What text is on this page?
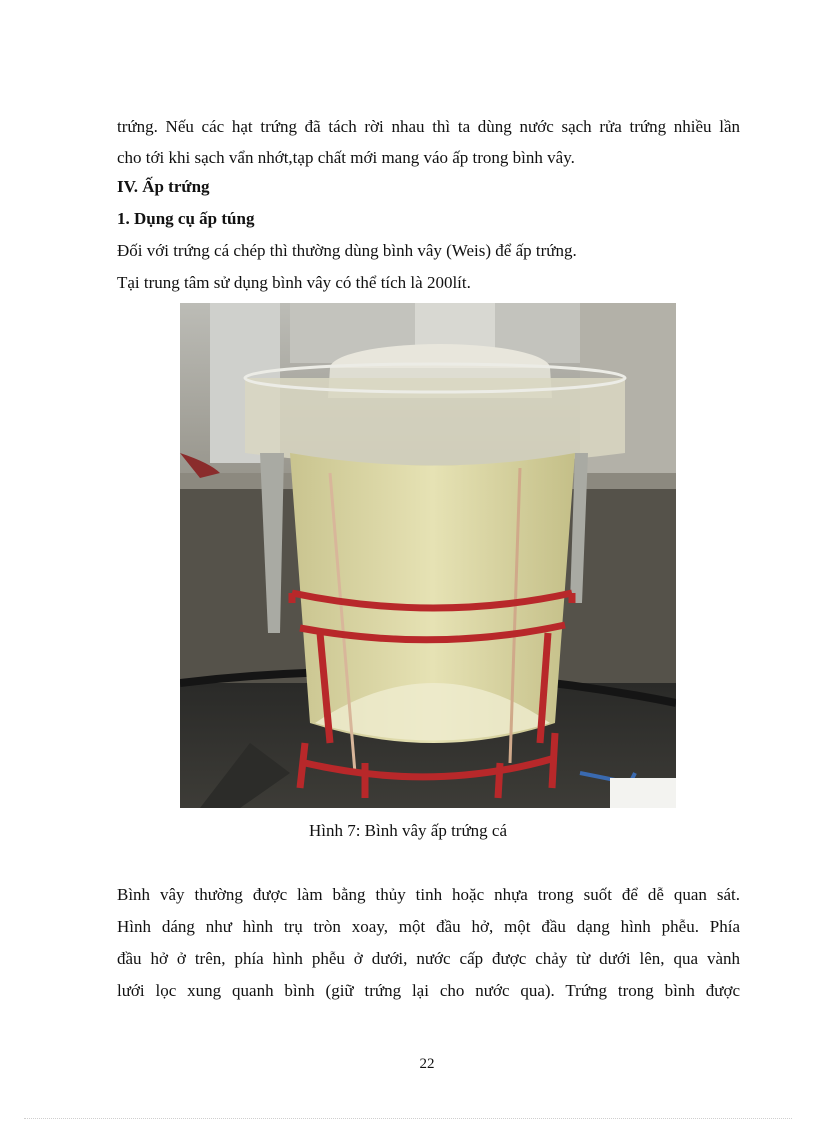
trứng. Nếu các hạt trứng đã tách rời nhau thì ta dùng nước sạch rửa trứng nhiều lần
cho tới khi sạch vẩn nhớt,tạp chất mới mang váo ấp trong bình vây.
IV. Ấp trứng
1. Dụng cụ ấp túng
Đối với trứng cá chép thì thường dùng bình vây (Weis) để ấp trứng.
Tại trung tâm sử dụng bình vây có thể tích là 200lít.
Hình 7: Bình vây ấp trứng cá
Bình vây thường được làm bằng thủy tinh hoặc nhựa trong suốt để dễ quan sát.
Hình dáng như hình trụ tròn xoay, một đầu hở, một đầu dạng hình phễu. Phía
đầu hở ở trên, phía hình phễu ở dưới, nước cấp được chảy từ dưới lên, qua vành
lưới lọc xung quanh bình (giữ trứng lại cho nước qua). Trứng trong bình được
22
